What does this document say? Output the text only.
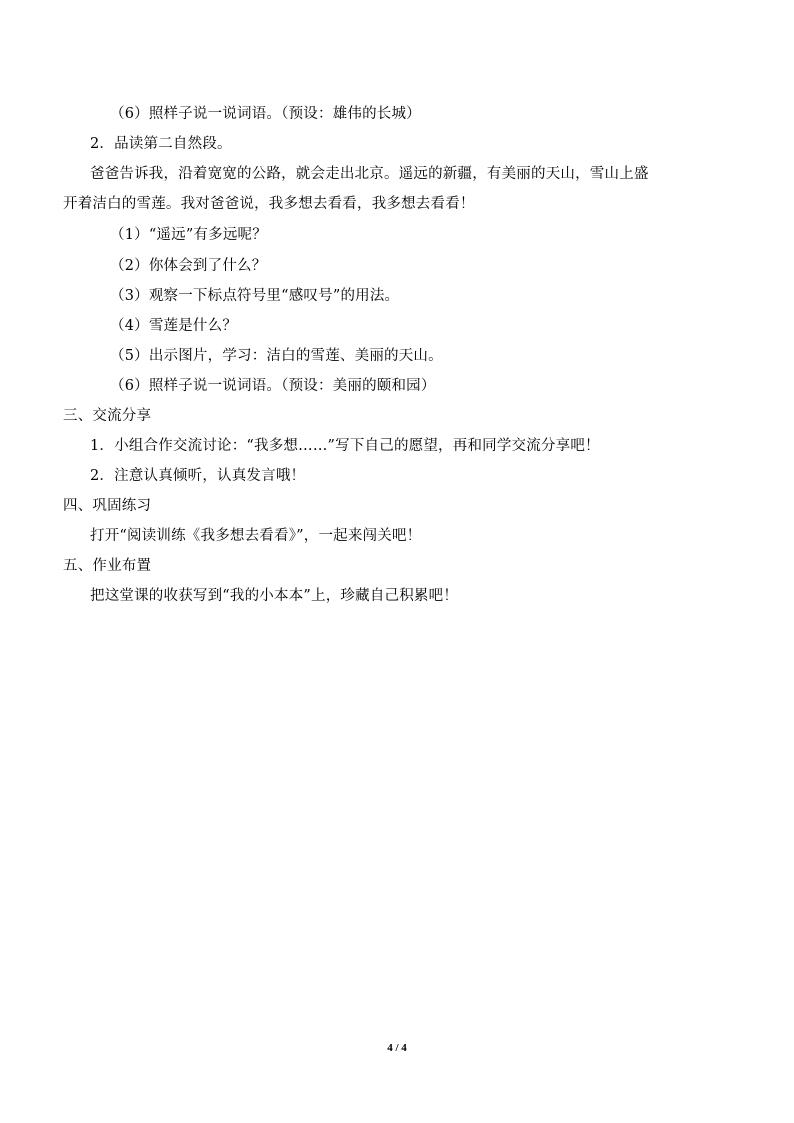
（6）照样子说一说词语。（预设：雄伟的长城）
2．品读第二自然段。
爸爸告诉我，沿着宽宽的公路，就会走出北京。遥远的新疆，有美丽的天山，雪山上盛
开着洁白的雪莲。我对爸爸说，我多想去看看，我多想去看看！
（1）“遥远”有多远呢？
（2）你体会到了什么？
（3）观察一下标点符号里“感叹号”的用法。
（4）雪莲是什么？
（5）出示图片，学习：洁白的雪莲、美丽的天山。
（6）照样子说一说词语。（预设：美丽的颐和园）
三、交流分享
1．小组合作交流讨论：“我多想……”写下自己的愿望，再和同学交流分享吧！
2．注意认真倾听，认真发言哦！
四、巩固练习
打开“阅读训练《我多想去看看》”，一起来闯关吧！
五、作业布置
把这堂课的收获写到“我的小本本”上，珍藏自己积累吧！
4 / 4
